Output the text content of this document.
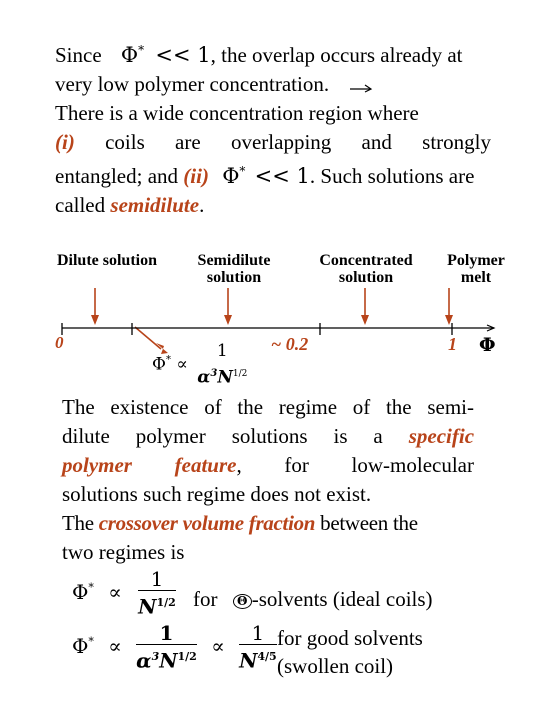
Since Φ* << 1, the overlap occurs already at
very low polymer concentration.
There is a wide concentration region where
(i) coils are overlapping and strongly
entangled; and (ii) Φ* << 1. Such solutions are
called semidilute.
Dilute solution	Semidilute solution
Concentrated solution
Polymer melt
0	~ 0.2	1 Φ
Φ* ∝
1
$\alpha^3N^{1/2}$
The existence of the regime of the semi-
dilute polymer solutions is a specific
polymer feature, for low-molecular
solutions such regime does not exist.
The crossover volume fraction between the
two regimes is
$\Phi^* \propto \frac{1}{N^{1/2}}$ for Θ -solvents (ideal coils)
$\Phi^* \propto \frac{1}{\alpha^3N^{1/2}} \propto \frac{1}{N^{4/5}}$ for good solvents
(swollen coil)
